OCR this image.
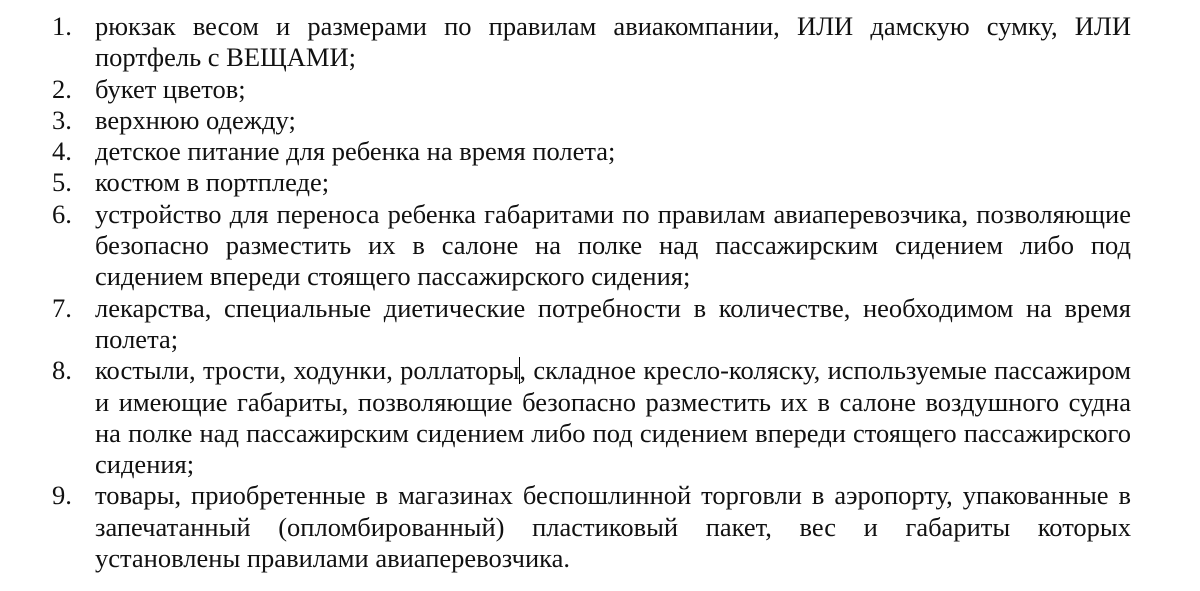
1. рюкзак весом и размерами по правилам авиакомпании, ИЛИ дамскую сумку, ИЛИ портфель с ВЕЩАМИ;
2. букет цветов;
3. верхнюю одежду;
4. детское питание для ребенка на время полета;
5. костюм в портпледе;
6. устройство для переноса ребенка габаритами по правилам авиаперевозчика, позволяющие безопасно разместить их в салоне на полке над пассажирским сидением либо под сидением впереди стоящего пассажирского сидения;
7. лекарства, специальные диетические потребности в количестве, необходимом на время полета;
8. костыли, трости, ходунки, роллаторы, складное кресло-коляску, используемые пассажиром и имеющие габариты, позволяющие безопасно разместить их в салоне воздушного судна на полке над пассажирским сидением либо под сидением впереди стоящего пассажирского сидения;
9. товары, приобретенные в магазинах беспошлинной торговли в аэропорту, упакованные в запечатанный (опломбированный) пластиковый пакет, вес и габариты которых установлены правилами авиаперевозчика.
